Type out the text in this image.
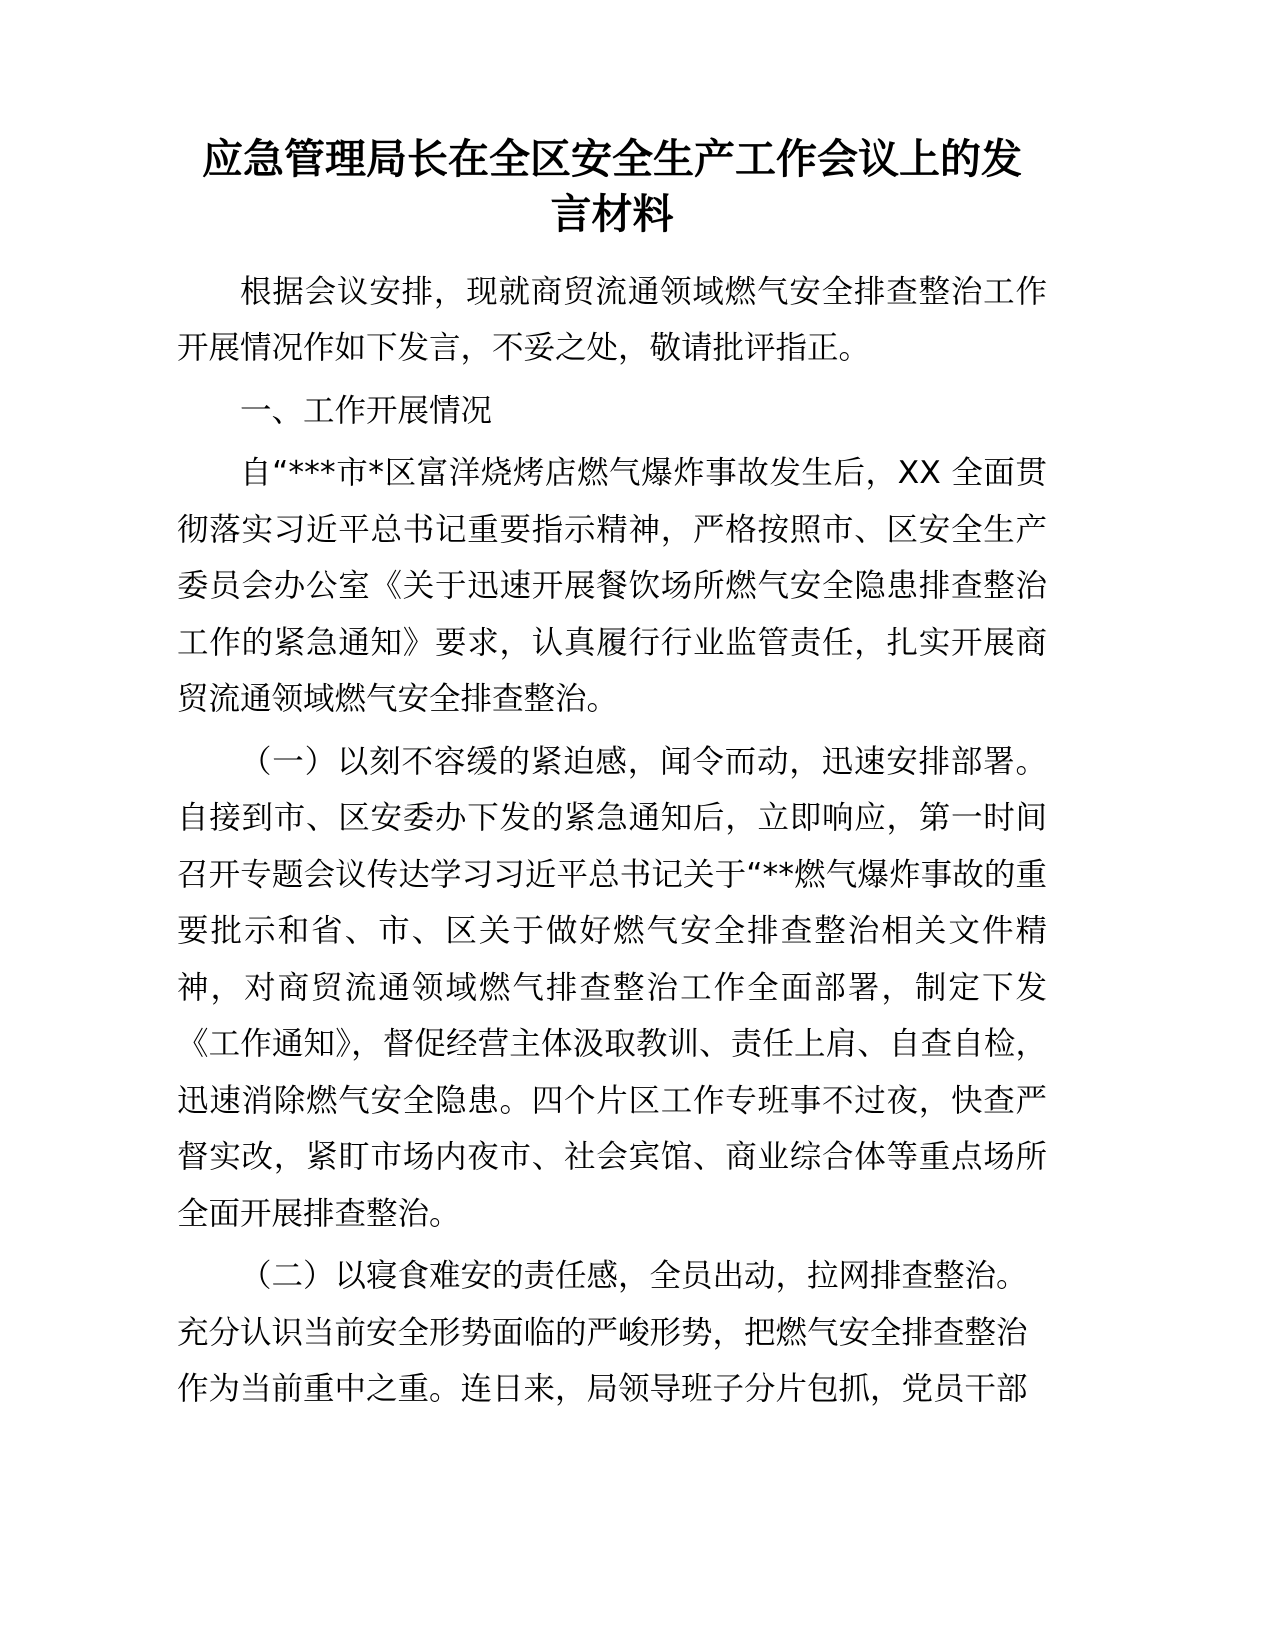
应急管理局长在全区安全生产工作会议上的发言材料

根据会议安排，现就商贸流通领域燃气安全排查整治工作开展情况作如下发言，不妥之处，敬请批评指正。

一、工作开展情况

自“***市*区富洋烧烤店燃气爆炸事故发生后，XX 全面贯彻落实习近平总书记重要指示精神，严格按照市、区安全生产委员会办公室《关于迅速开展餐饮场所燃气安全隐患排查整治工作的紧急通知》要求，认真履行行业监管责任，扎实开展商贸流通领域燃气安全排查整治。

（一）以刻不容缓的紧迫感，闻令而动，迅速安排部署。自接到市、区安委办下发的紧急通知后，立即响应，第一时间召开专题会议传达学习习近平总书记关于“**燃气爆炸事故的重要批示和省、市、区关于做好燃气安全排查整治相关文件精神，对商贸流通领域燃气排查整治工作全面部署，制定下发《工作通知》，督促经营主体汲取教训、责任上肩、自查自检，迅速消除燃气安全隐患。四个片区工作专班事不过夜，快查严督实改，紧盯市场内夜市、社会宾馆、商业综合体等重点场所全面开展排查整治。

（二）以寝食难安的责任感，全员出动，拉网排查整治。充分认识当前安全形势面临的严峻形势，把燃气安全排查整治作为当前重中之重。连日来，局领导班子分片包抓，党员干部
